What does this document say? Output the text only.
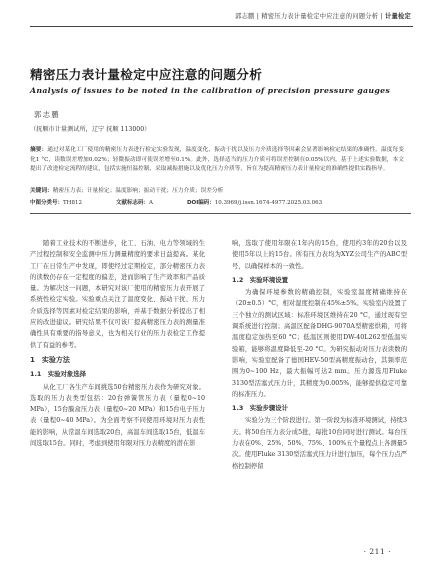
郭志鹏 | 精密压力表计量检定中应注意的问题分析 | 计量检定
精密压力表计量检定中应注意的问题分析
Analysis of issues to be noted in the calibration of precision pressure gauges
郭志鹏
（抚顺市计量测试所，辽宁 抚顺 113000）
摘要：通过对某化工厂使用的精密压力表进行检定实验发现，温度变化、振动干扰以及压力介质选择等因素会显著影响检定结果的准确性。温度每变化1 °C，读数误差增加0.02%；轻微振动即可使误差增至0.1%。此外，选择适当的压力介质可将误差控制在0.05%以内。基于上述实验数据，本文提出了改进检定流程的建议，包括实施恒温控制、采取减振措施以及优化压力介质等，旨在为提高精密压力表计量检定的准确性提供实践指导。
关键词：精密压力表；计量检定；温度影响；振动干扰；压力介质；误差分析
中图分类号：TH812	文献标志码：A	DOI编码：10.3969/j.issn.1674-4977.2025.03.063

随着工业技术的不断进步，化工、石油、电力等领域的生产过程控制和安全监测中压力测量精度的要求日益提高。某化工厂在日常生产中发现，即使经过定期检定，部分精密压力表的读数仍存在一定程度的偏差，进而影响了生产效率和产品质量。为解决这一问题，本研究对该厂使用的精密压力表开展了系统性检定实验。实验重点关注了温度变化、振动干扰、压力介质选择等因素对检定结果的影响，并基于数据分析提出了相应的改进建议。研究结果不仅可该厂提高精密压力表的测量准确性具有重要的指导意义，也为相关行业的压力表检定工作提供了有益的参考。

1　实验方法

1.1　实验对象选择

从化工厂各生产车间挑选50台精密压力表作为研究对象。选取的压力表类型包括：20台弹簧管压力表（量程0~10 MPa），15台膜盒压力表（量程0~20 MPa）和15台电子压力表（量程0~40 MPa）。为全面考察不同使用环境对压力表性能的影响，从常温车间选取20台，高温车间选取15台，低温车间选取15台。同时，考虑到使用年限对压力表精度的潜在影

响，选取了使用年限在1年内的15台，使用约3年的20台以及使用5年以上的15台。所有压力表均为XYZ公司生产的ABC型号，以确保样本的一致性。

1.2　实验环境设置

为确保环境参数的精确控制，实验室温度精确维持在（20±0.5）°C，相对湿度控制在45%±5%。实验室内设置了三个独立的测试区域：标准环境区维持在20 °C，通过现有空调系统进行控制；高温区配备DHG-9070A型精密烘箱，可将温度稳定加热至60 °C；低温区则使用DW-40L262型低温实验箱，能够将温度降低至-20 °C。为研究振动对压力表读数的影响，实验室配备了德国HEV-50型高精度振动台，其频率范围为0~100 Hz，最大振幅可达2 mm。压力源选用Fluke 3130型活塞式压力计，其精度为0.005%，能够提供稳定可靠的标准压力。

1.3　实验步骤设计

实验分为三个阶段进行。第一阶段为标准环境测试，持续3天。将50台压力表分成5批，每批10台同时进行测试。每台压力表在0%、25%、50%、75%、100%五个量程点上各测量5次。使用Fluke 3130型活塞式压力计进行加压，每个压力点严格控制停留

· 211 ·
